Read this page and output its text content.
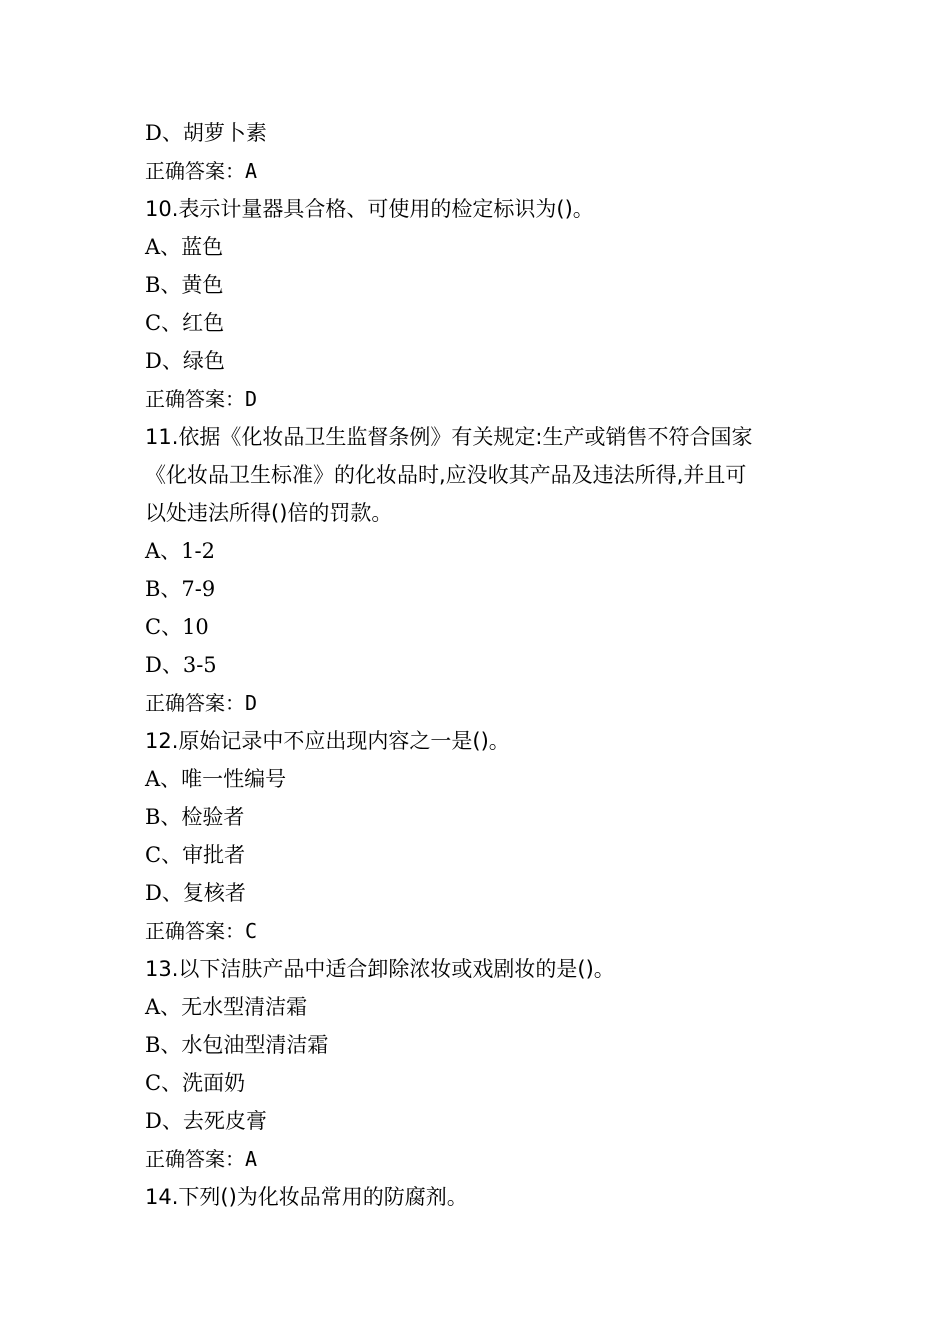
D、胡萝卜素
正确答案：A
10.表示计量器具合格、可使用的检定标识为()。
A、蓝色
B、黄色
C、红色
D、绿色
正确答案：D
11.依据《化妆品卫生监督条例》有关规定:生产或销售不符合国家
《化妆品卫生标准》的化妆品时,应没收其产品及违法所得,并且可
以处违法所得()倍的罚款。
A、1-2
B、7-9
C、10
D、3-5
正确答案：D
12.原始记录中不应出现内容之一是()。
A、唯一性编号
B、检验者
C、审批者
D、复核者
正确答案：C
13.以下洁肤产品中适合卸除浓妆或戏剧妆的是()。
A、无水型清洁霜
B、水包油型清洁霜
C、洗面奶
D、去死皮膏
正确答案：A
14.下列()为化妆品常用的防腐剂。
